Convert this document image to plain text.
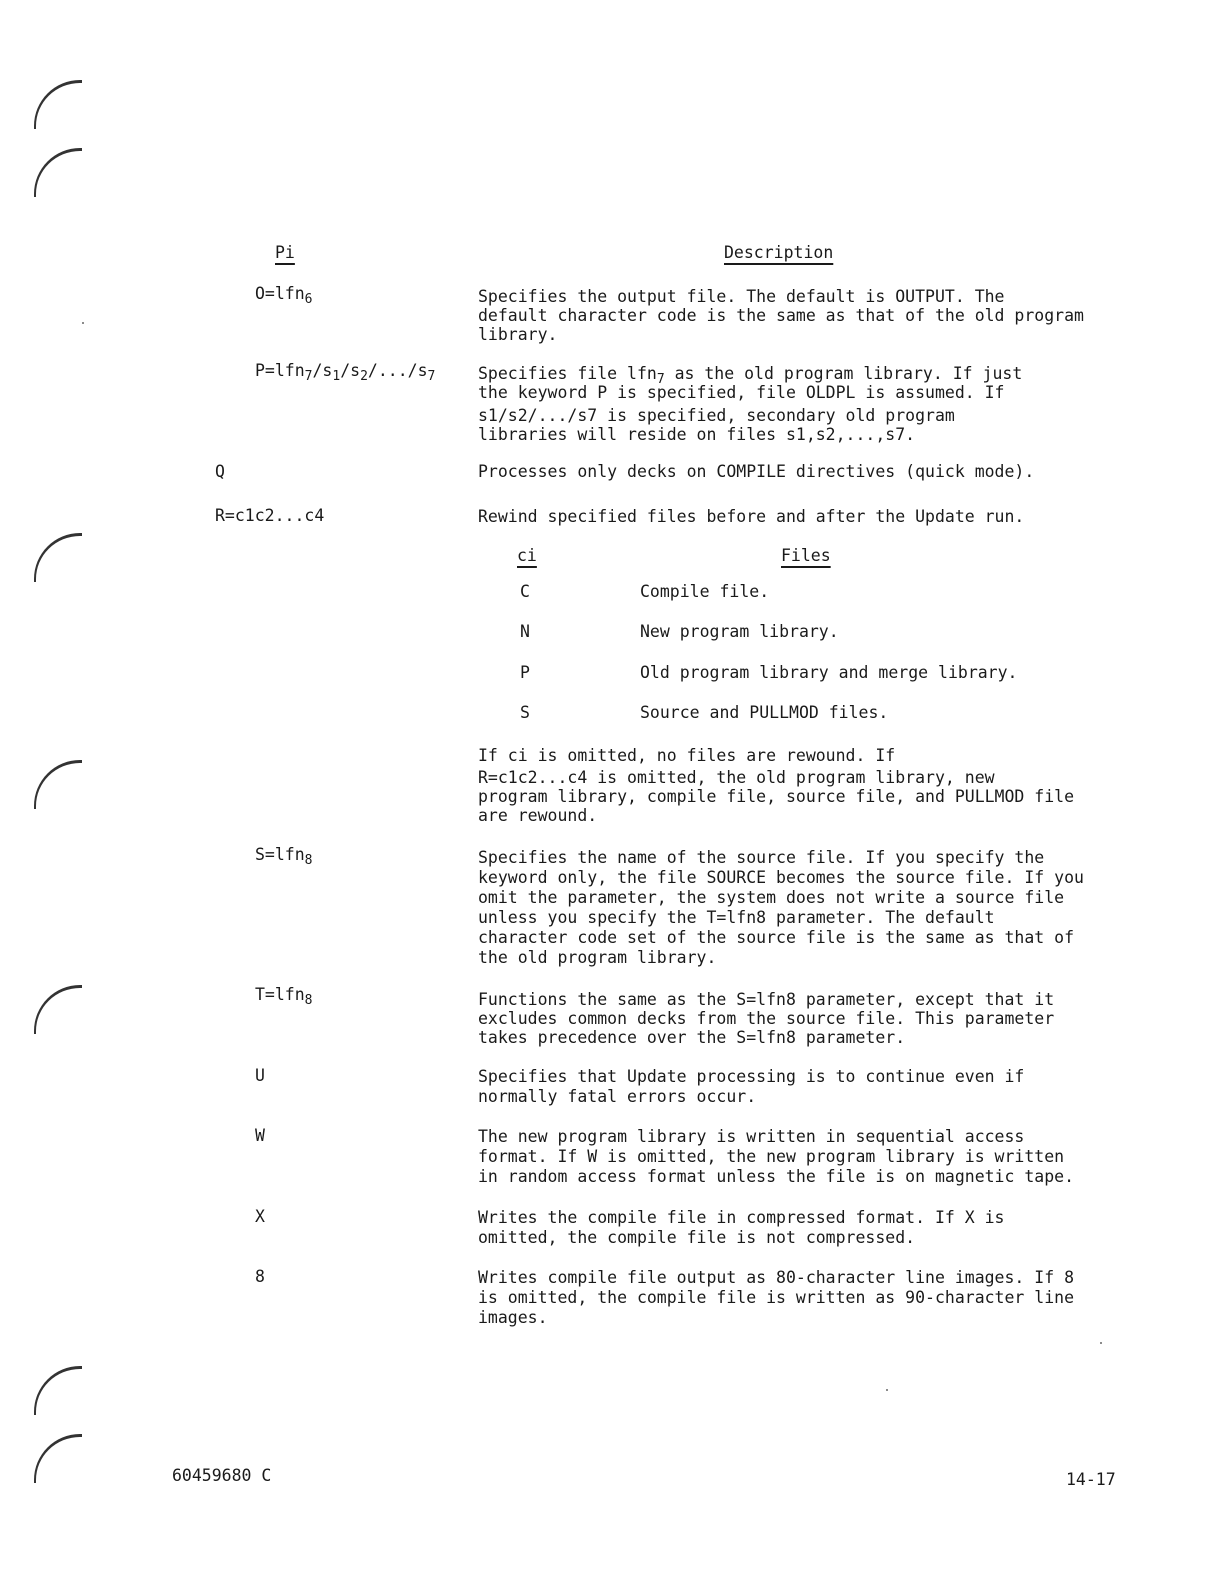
Pi	Description
O=lfn$_6$	Specifies the output file. The default is OUTPUT. The
default character code is the same as that of the old program
library.
$P=lfn_7/s_1/s_2/.../s_7$	Specifies file lfn$_7$ as the old program library. If just
the keyword P is specified, file OLDPL is assumed. If
s1/s2/.../s7 is specified, secondary old program
libraries will reside on files s1,s2,...,s7.
Q	Processes only decks on COMPILE directives (quick mode).
R=c1c2...c4	Rewind specified files before and after the Update run.
ci	Files
C	Compile file.
N	New program library.
P	Old program library and merge library.
S	Source and PULLMOD files.
If ci is omitted, no files are rewound. If
R=c1c2...c4 is omitted, the old program library, new
program library, compile file, source file, and PULLMOD file
are rewound.
S=lfn$_8$	Specifies the name of the source file. If you specify the
keyword only, the file SOURCE becomes the source file. If you
omit the parameter, the system does not write a source file
unless you specify the T=lfn8 parameter. The default
character code set of the source file is the same as that of
the old program library.
T=lfn$_8$	Functions the same as the S=lfn8 parameter, except that it
excludes common decks from the source file. This parameter
takes precedence over the S=lfn8 parameter.
U	Specifies that Update processing is to continue even if
normally fatal errors occur.
W	The new program library is written in sequential access
format. If W is omitted, the new program library is written
in random access format unless the file is on magnetic tape.
X	Writes the compile file in compressed format. If X is
omitted, the compile file is not compressed.
8	Writes compile file output as 80-character line images. If 8
is omitted, the compile file is written as 90-character line
images.
60459680 C	14-17
